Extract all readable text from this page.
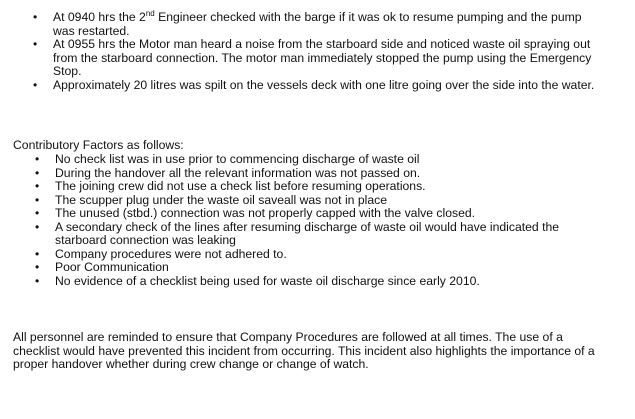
• At 0940 hrs the 2nd Engineer checked with the barge if it was ok to resume pumping and the pump was restarted.
• At 0955 hrs the Motor man heard a noise from the starboard side and noticed waste oil spraying out from the starboard connection. The motor man immediately stopped the pump using the Emergency Stop.
• Approximately 20 litres was spilt on the vessels deck with one litre going over the side into the water.
Contributory Factors as follows:
• No check list was in use prior to commencing discharge of waste oil
• During the handover all the relevant information was not passed on.
• The joining crew did not use a check list before resuming operations.
• The scupper plug under the waste oil saveall was not in place
• The unused (stbd.) connection was not properly capped with the valve closed.
• A secondary check of the lines after resuming discharge of waste oil would have indicated the starboard connection was leaking
• Company procedures were not adhered to.
• Poor Communication
• No evidence of a checklist being used for waste oil discharge since early 2010.

All personnel are reminded to ensure that Company Procedures are followed at all times. The use of a checklist would have prevented this incident from occurring. This incident also highlights the importance of a proper handover whether during crew change or change of watch.
